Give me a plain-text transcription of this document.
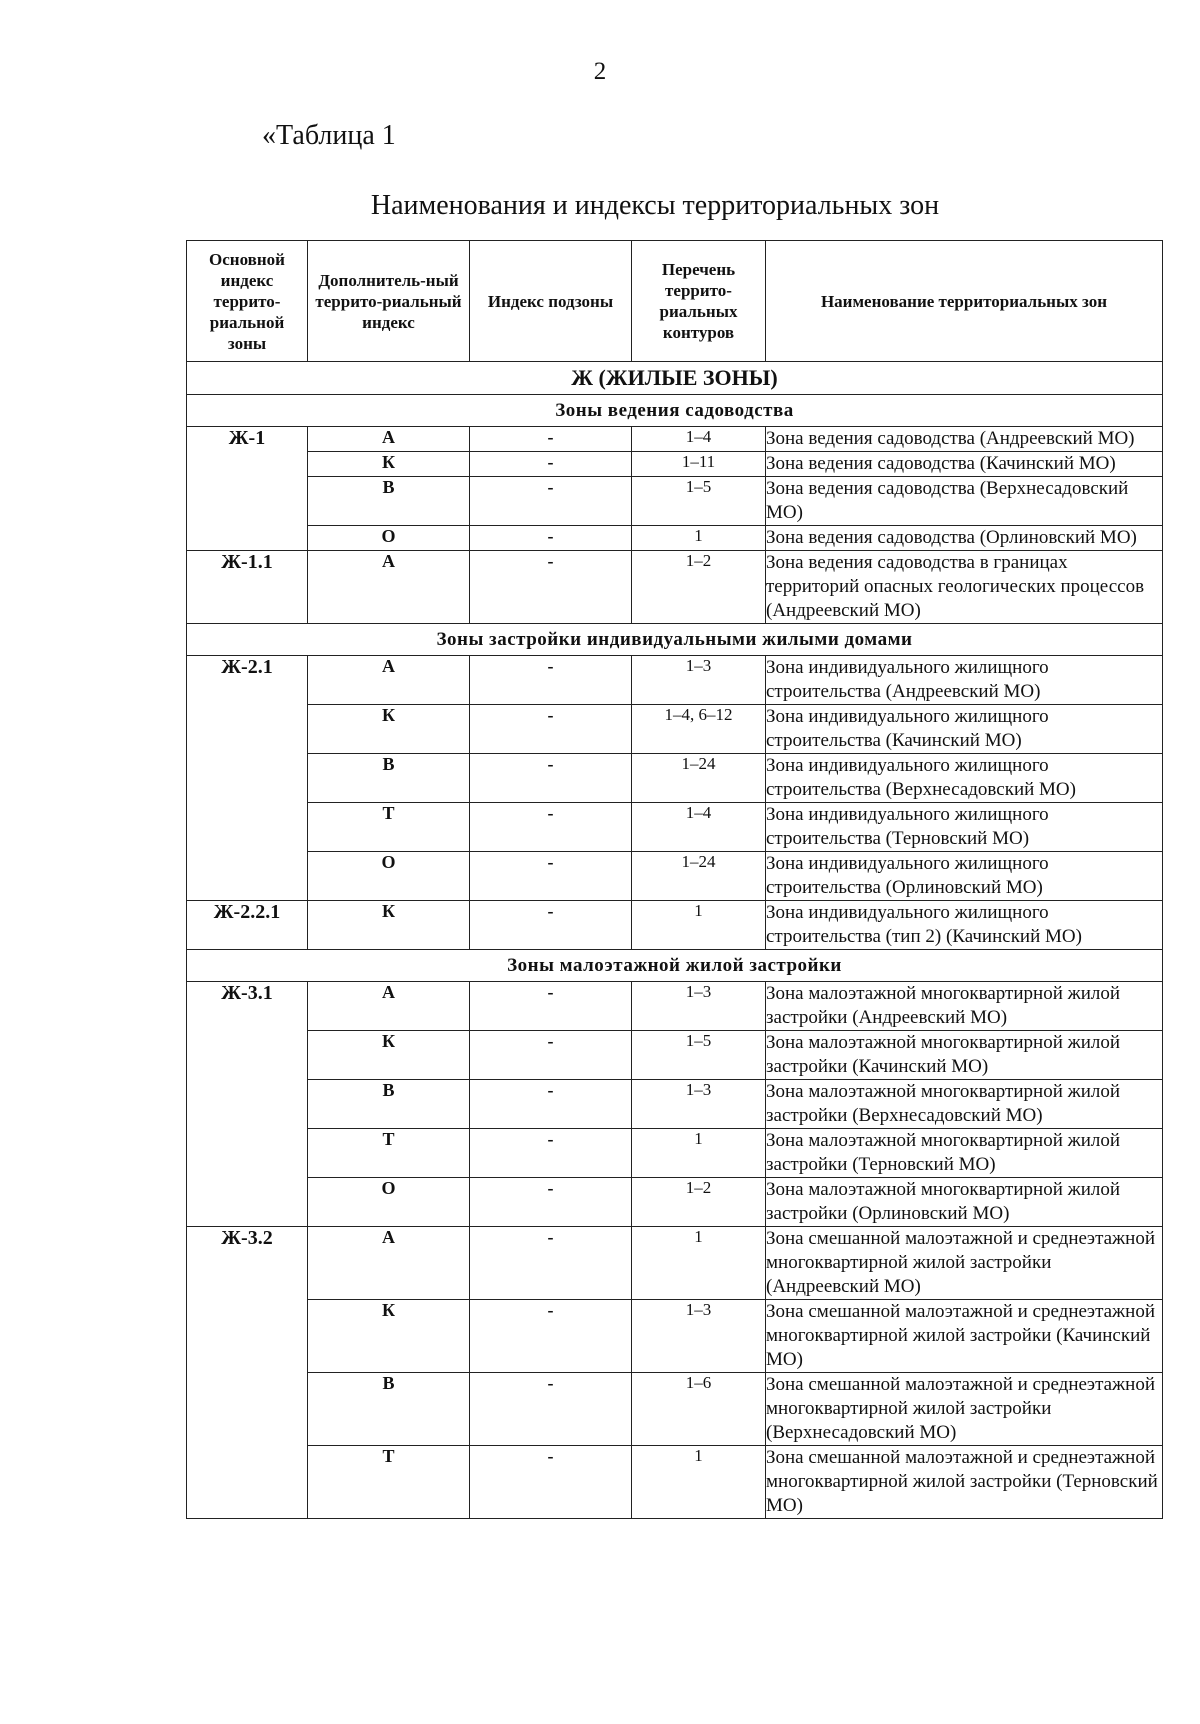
2
«Таблица 1
Наименования и индексы территориальных зон
Основной индекс террито-риальной зоны	Дополнитель-ный террито-риальный индекс	Индекс подзоны	Перечень террито-риальных контуров	Наименование территориальных зон
Ж (ЖИЛЫЕ ЗОНЫ)				
Зоны ведения садоводства				
Ж-1	А	-	1–4	Зона ведения садоводства (Андреевский МО)
	К	-	1–11	Зона ведения садоводства (Качинский МО)
	В	-	1–5	Зона ведения садоводства (Верхнесадовский МО)
	О	-	1	Зона ведения садоводства (Орлиновский МО)
Ж-1.1	А	-	1–2	Зона ведения садоводства в границах территорий опасных геологических процессов (Андреевский МО)
Зоны застройки индивидуальными жилыми домами				
Ж-2.1	А	-	1–3	Зона индивидуального жилищного строительства (Андреевский МО)
	К	-	1–4, 6–12	Зона индивидуального жилищного строительства (Качинский МО)
	В	-	1–24	Зона индивидуального жилищного строительства (Верхнесадовский МО)
	Т	-	1–4	Зона индивидуального жилищного строительства (Терновский МО)
	О	-	1–24	Зона индивидуального жилищного строительства (Орлиновский МО)
Ж-2.2.1	К	-	1	Зона индивидуального жилищного строительства (тип 2) (Качинский МО)
Зоны малоэтажной жилой застройки				
Ж-3.1	А	-	1–3	Зона малоэтажной многоквартирной жилой застройки (Андреевский МО)
	К	-	1–5	Зона малоэтажной многоквартирной жилой застройки (Качинский МО)
	В	-	1–3	Зона малоэтажной многоквартирной жилой застройки (Верхнесадовский МО)
	Т	-	1	Зона малоэтажной многоквартирной жилой застройки (Терновский МО)
	О	-	1–2	Зона малоэтажной многоквартирной жилой застройки (Орлиновский МО)
Ж-3.2	А	-	1	Зона смешанной малоэтажной и среднеэтажной многоквартирной жилой застройки (Андреевский МО)
	К	-	1–3	Зона смешанной малоэтажной и среднеэтажной многоквартирной жилой застройки (Качинский МО)
	В	-	1–6	Зона смешанной малоэтажной и среднеэтажной многоквартирной жилой застройки (Верхнесадовский МО)
	Т	-	1	Зона смешанной малоэтажной и среднеэтажной многоквартирной жилой застройки (Терновский МО)
